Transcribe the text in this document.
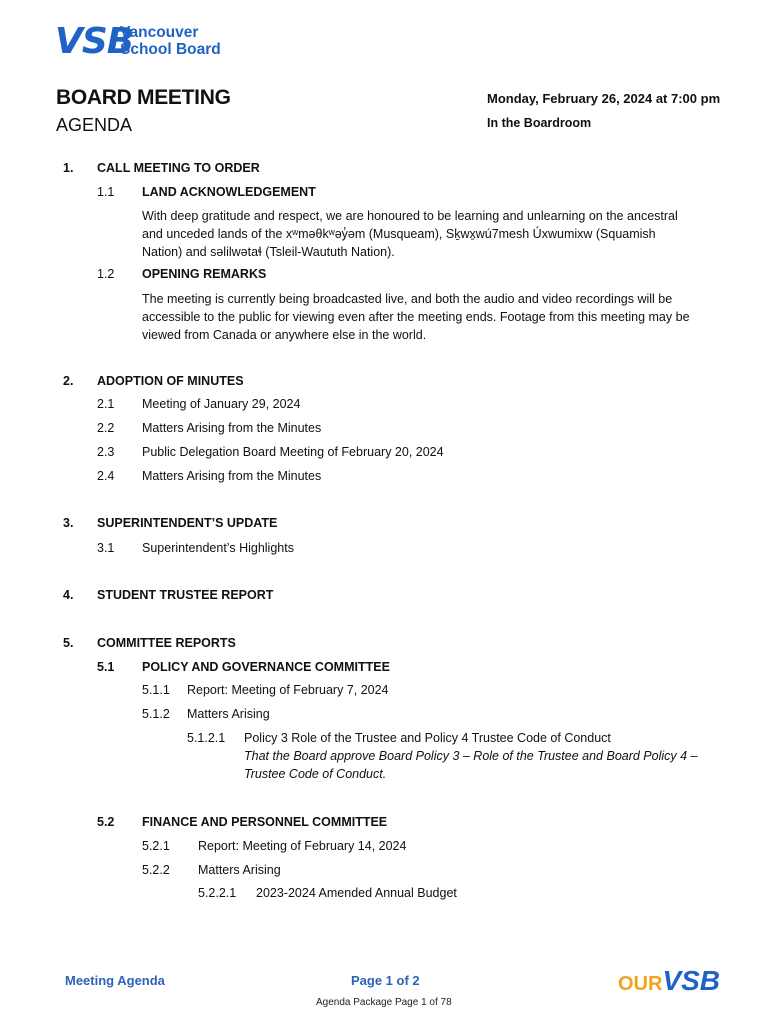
VSB
Vancouver
School Board
BOARD MEETING
AGENDA
Monday, February 26, 2024 at 7:00 pm
In the Boardroom
1. CALL MEETING TO ORDER
1.1 LAND ACKNOWLEDGEMENT
With deep gratitude and respect, we are honoured to be learning and unlearning on the ancestral
and unceded lands of the xʷməθkʷəy̓əm (Musqueam), Sḵwx̱wú7mesh Úxwumixw (Squamish
Nation) and səlilwətaɬ (Tsleil-Waututh Nation).
1.2 OPENING REMARKS
The meeting is currently being broadcasted live, and both the audio and video recordings will be
accessible to the public for viewing even after the meeting ends. Footage from this meeting may be
viewed from Canada or anywhere else in the world.
2. ADOPTION OF MINUTES
2.1 Meeting of January 29, 2024
2.2 Matters Arising from the Minutes
2.3 Public Delegation Board Meeting of February 20, 2024
2.4 Matters Arising from the Minutes
3. SUPERINTENDENT’S UPDATE
3.1 Superintendent’s Highlights
4. STUDENT TRUSTEE REPORT
5. COMMITTEE REPORTS
5.1 POLICY AND GOVERNANCE COMMITTEE
5.1.1 Report: Meeting of February 7, 2024
5.1.2 Matters Arising
5.1.2.1 Policy 3 Role of the Trustee and Policy 4 Trustee Code of Conduct
That the Board approve Board Policy 3 – Role of the Trustee and Board Policy 4 –
Trustee Code of Conduct.
5.2 FINANCE AND PERSONNEL COMMITTEE
5.2.1 Report: Meeting of February 14, 2024
5.2.2 Matters Arising
5.2.2.1 2023-2024 Amended Annual Budget
Meeting Agenda	Page 1 of 2
Agenda Package Page 1 of 78
OURVSB
